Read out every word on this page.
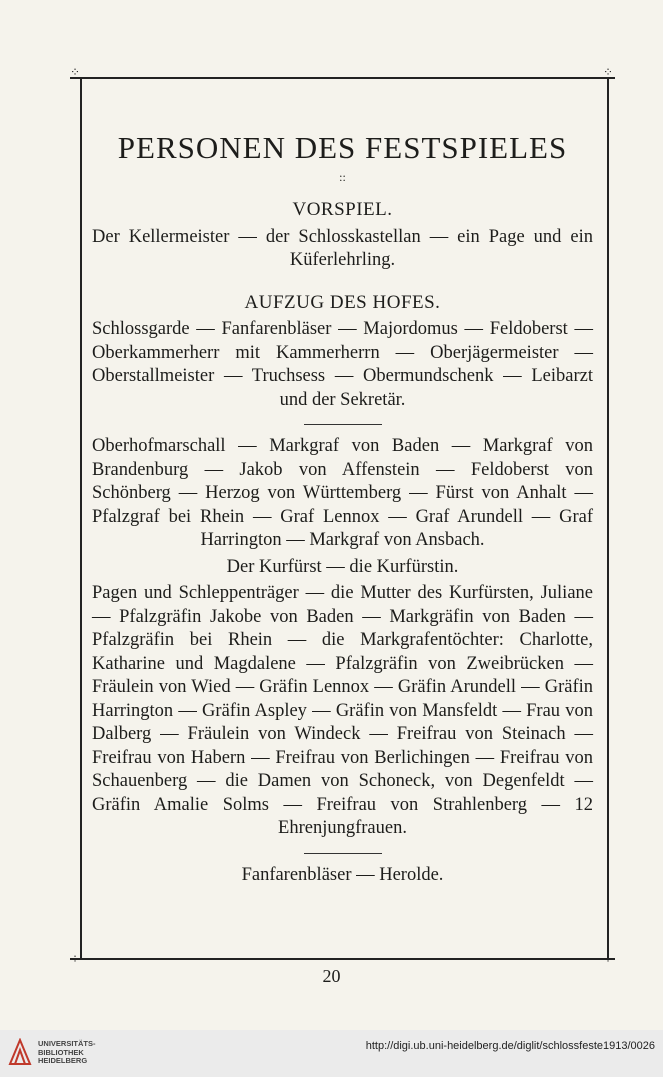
⁘	⁘
⁘	⁘
PERSONEN DES FESTSPIELES
::
VORSPIEL.

Der Kellermeister — der Schlosskastellan — ein Page und ein Küferlehrling.

AUFZUG DES HOFES.

Schlossgarde — Fanfarenbläser — Majordomus — Feldoberst — Oberkammerherr mit Kammerherrn — Oberjägermeister — Oberstallmeister — Truchsess — Obermundschenk — Leibarzt und der Sekretär.

Oberhofmarschall — Markgraf von Baden — Markgraf von Brandenburg — Jakob von Affenstein — Feldoberst von Schönberg — Herzog von Württemberg — Fürst von Anhalt — Pfalzgraf bei Rhein — Graf Lennox — Graf Arundell — Graf Harrington — Markgraf von Ansbach.

Der Kurfürst — die Kurfürstin.

Pagen und Schleppenträger — die Mutter des Kurfürsten, Juliane — Pfalzgräfin Jakobe von Baden — Markgräfin von Baden — Pfalzgräfin bei Rhein — die Markgrafentöchter: Charlotte, Katharine und Magdalene — Pfalzgräfin von Zweibrücken — Fräulein von Wied — Gräfin Lennox — Gräfin Arundell — Gräfin Harrington — Gräfin Aspley — Gräfin von Mansfeldt — Frau von Dalberg — Fräulein von Windeck — Freifrau von Steinach — Freifrau von Habern — Freifrau von Berlichingen — Freifrau von Schauenberg — die Damen von Schoneck, von Degenfeldt — Gräfin Amalie Solms — Freifrau von Strahlenberg — 12 Ehrenjungfrauen.

Fanfarenbläser — Herolde.

20
UNIVERSITÄTS-
BIBLIOTHEK
HEIDELBERG
http://digi.ub.uni-heidelberg.de/diglit/schlossfeste1913/0026
